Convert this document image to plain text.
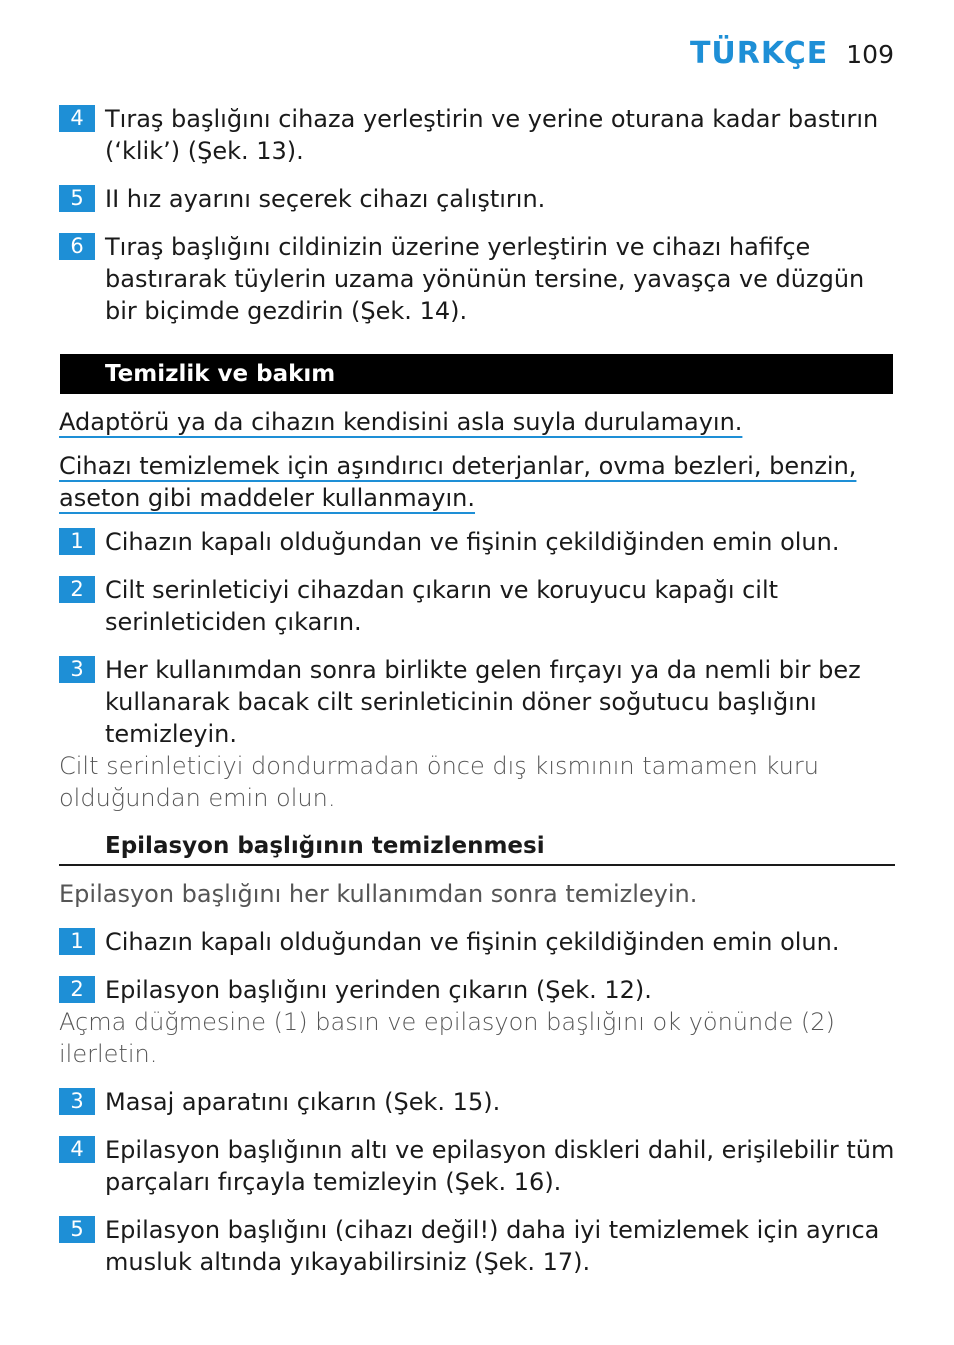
TÜRKÇE 109
4 Tıraş başlığını cihaza yerleştirin ve yerine oturana kadar bastırın (‘klik’) (Şek. 13).
5 II hız ayarını seçerek cihazı çalıştırın.
6 Tıraş başlığını cildinizin üzerine yerleştirin ve cihazı hafifçe bastırarak tüylerin uzama yönünün tersine, yavaşça ve düzgün bir biçimde gezdirin (Şek. 14).
Temizlik ve bakım
Adaptörü ya da cihazın kendisini asla suyla durulamayın.
Cihazı temizlemek için aşındırıcı deterjanlar, ovma bezleri, benzin, aseton gibi maddeler kullanmayın.
1 Cihazın kapalı olduğundan ve fişinin çekildiğinden emin olun.
2 Cilt serinleticiyi cihazdan çıkarın ve koruyucu kapağı cilt serinleticiden çıkarın.
3 Her kullanımdan sonra birlikte gelen fırçayı ya da nemli bir bez kullanarak bacak cilt serinleticinin döner soğutucu başlığını temizleyin.
Cilt serinleticiyi dondurmadan önce dış kısmının tamamen kuru olduğundan emin olun.
Epilasyon başlığının temizlenmesi
Epilasyon başlığını her kullanımdan sonra temizleyin.
1 Cihazın kapalı olduğundan ve fişinin çekildiğinden emin olun.
2 Epilasyon başlığını yerinden çıkarın (Şek. 12).
Açma düğmesine (1) basın ve epilasyon başlığını ok yönünde (2) ilerletin.
3 Masaj aparatını çıkarın (Şek. 15).
4 Epilasyon başlığının altı ve epilasyon diskleri dahil, erişilebilir tüm parçaları fırçayla temizleyin (Şek. 16).
5 Epilasyon başlığını (cihazı değil!) daha iyi temizlemek için ayrıca musluk altında yıkayabilirsiniz (Şek. 17).
